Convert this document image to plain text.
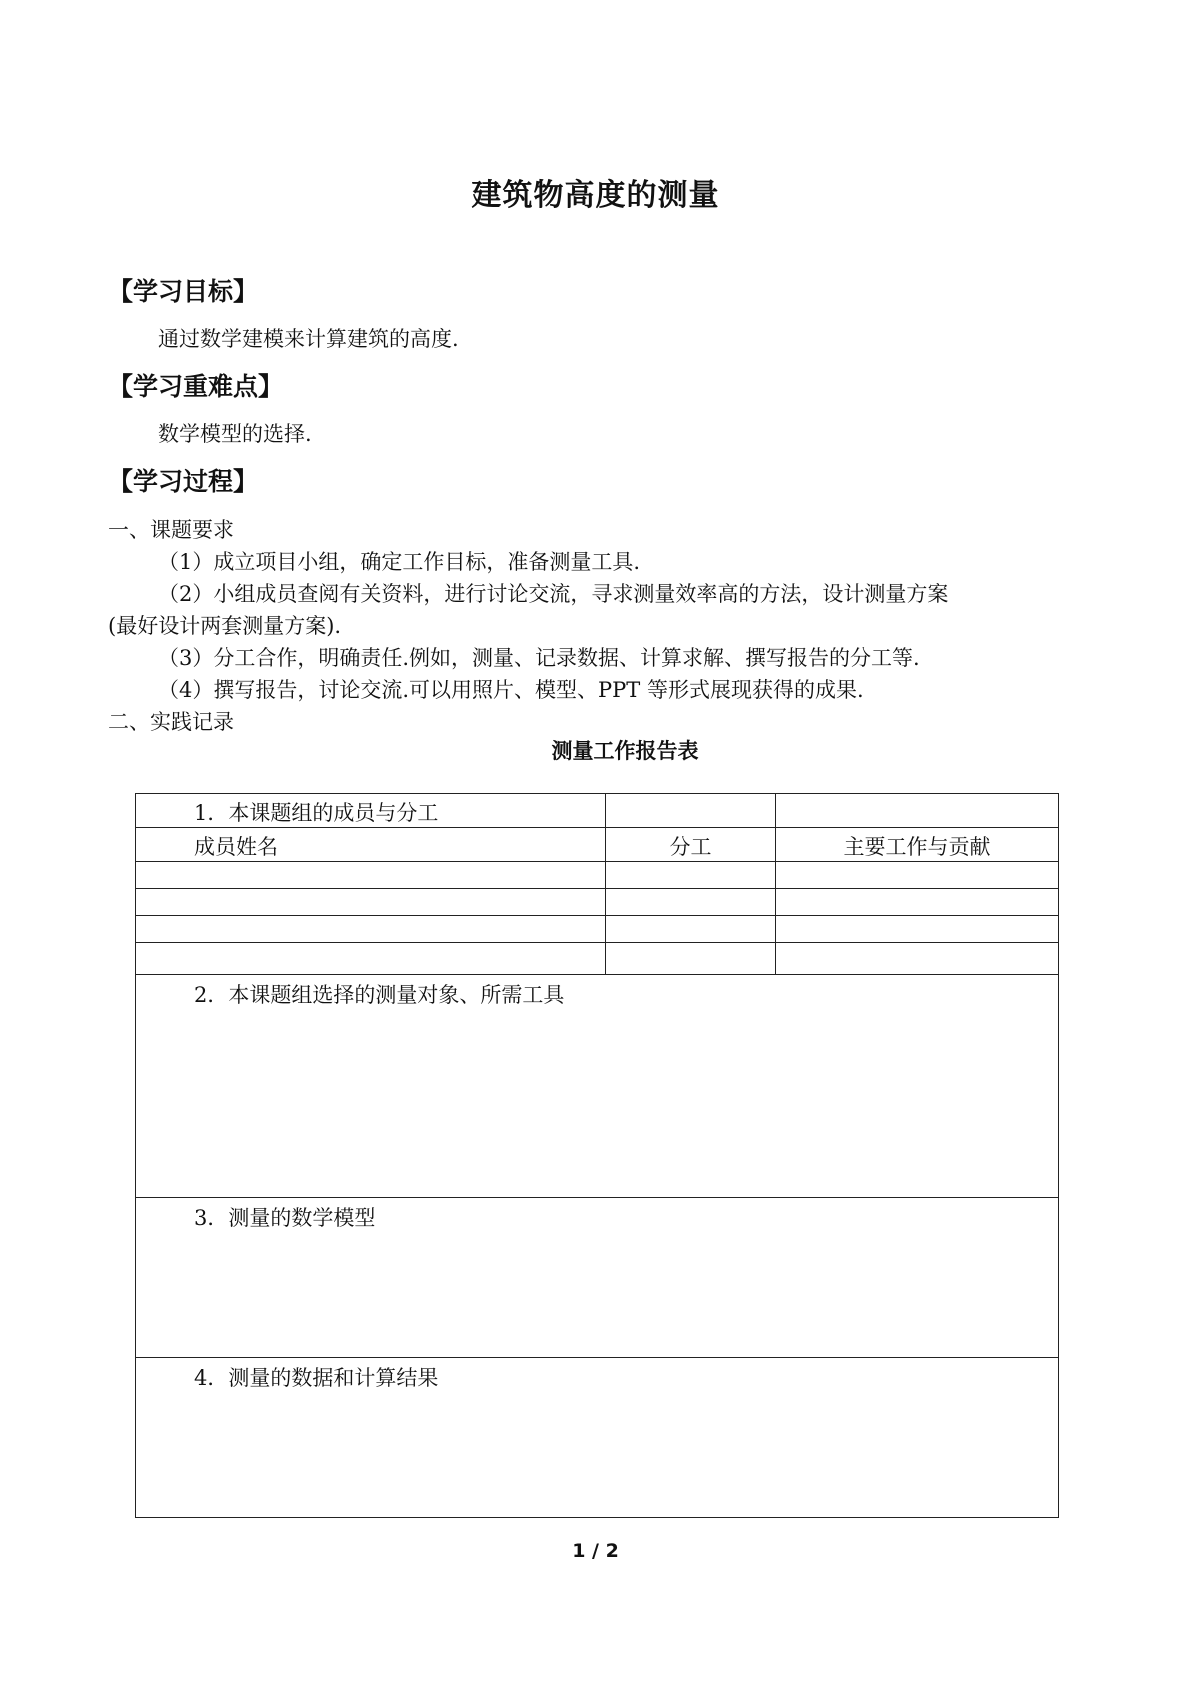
建筑物高度的测量
【学习目标】
通过数学建模来计算建筑的高度.
【学习重难点】
数学模型的选择.
【学习过程】
一、课题要求
（1）成立项目小组，确定工作目标，准备测量工具.
（2）小组成员查阅有关资料，进行讨论交流，寻求测量效率高的方法，设计测量方案
(最好设计两套测量方案).
（3）分工合作，明确责任.例如，测量、记录数据、计算求解、撰写报告的分工等.
（4）撰写报告，讨论交流.可以用照片、模型、PPT 等形式展现获得的成果.
二、实践记录
测量工作报告表
1．本课题组的成员与分工		

成员姓名	分工	主要工作与贡献

2．本课题组选择的测量对象、所需工具		

3．测量的数学模型		

4．测量的数据和计算结果		
1 / 2
